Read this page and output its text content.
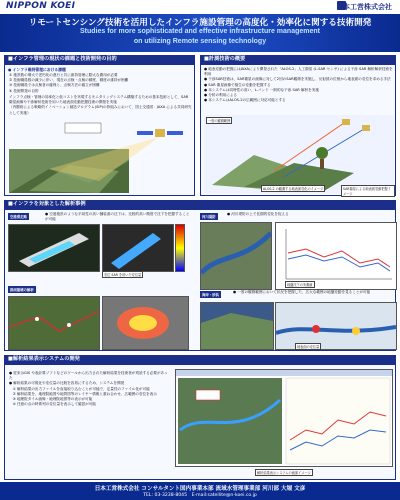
NIPPON KOEI	日本工営株式会社
リモートセンシング技術を活用したインフラ施設管理の高度化・効率化に関する技術開発
Studies for more sophisticated and effective infrastructure management
on utilizing Remote sensing technology
■インフラ管理の現状の課題と技術開発の目的
● インフラ維持管理における課題
① 施設数の増大で老朽化の進行と共に維持管理に膨大な費用が必要
② 技術職員数の減少に伴い、現在の点検・点検の精度、精度の維持が困難
③ 技術職員では点検者の確保と、点検方法の確立が困難
④ 技術開発の目的
インフラ点検・管理の効率化と低コストを実現するモニタリングシステム構築するための基本技術として、SAR 衛星画像や干渉解析技術を用いた地表面変動把握技術の開発を実施
（内閣府による戦略的イノベーション創造プログラム(SIP)の枠組みにおいて、国土交通省：JAXA による共同研究として実施）
■計測技術の概要
● 地表変動の把握にはJAXAにより開発された「ALOS-2」人工衛星 (L-SAR センサ) による干渉 SAR 解析解析技術を利用
● 干渉SAR技術は、SAR衛星の画像に対して2回のSAR観測を実施し、反射波の位相から地表面の変位を求める手法
● SAR 衛星画像で植生の変動を把握する
● 本システムは同時性の高い、L-バンド 一般的な干渉 SAR 解析を実施
● 分析の利用による
● 本システムはALOS-2の広範囲に対応可能とする
一度の観測範囲
ALOS-2 の観測する地表面変化のイメージ	SAR衛星による地表面変動把握イメージ
■インフラを対象とした解析事例
空港滑走路
● 空港施設のような平坦性の高い舗装面の沈下は、比較的高い精度で沈下を把握することが可能
変位 SAR を用いた変位量
河川堤防
● 河川堤防の上で長期的変化を捉える
地盤沈下の実測値
斜面崩壊の解析
海岸・砂浜
● 一度の観測範囲において状況を把握した、広大な範囲の地盤変動を見ることが可能
地表面の変位量
■解析結果表示システムの開発
● 従来はGIS や表計算ソフトなどのツールから出力された解析結果を技術者が判読する必要があった
● 解析結果の可視化や変位量の比較を容易にするため、システムを開発
　① 解析結果の出力ファイルを直接取り込むことが可能で、定量性のファイル化が可能
　② 解析結果を、地理院地図や地質図等のレイヤー情報と重ね合わせ、広範囲の変位を表示
　③ 地理院タイル画像・地理院地図等の表示が可能
　④ 任意の点の時系列の変位量を表示して確認が可能
解析結果表示システムの画面イメージ
日本工営株式会社 コンサルタント国内事業本部 流域水管理事業部 河川部 大堀 文彦
TEL: 03-3238-8045　E-mail:satellite@n-koei.co.jp
